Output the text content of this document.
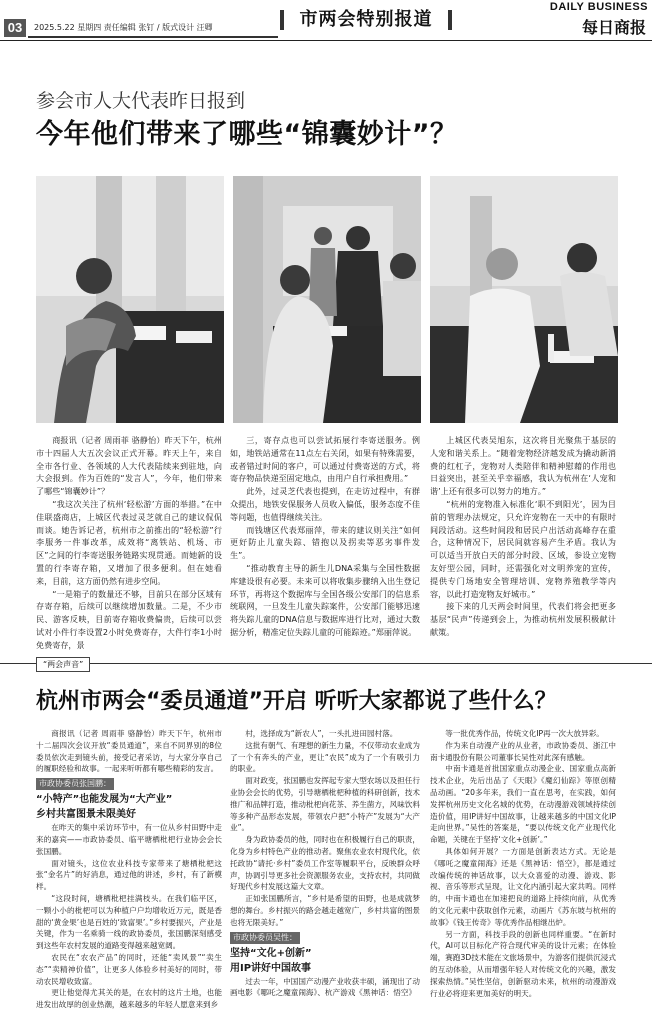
03	2025.5.22 星期四 责任编辑 张钉 / 版式设计 汪卿	市两会特别报道
DAILY BUSINESS
每日商报
参会市人大代表昨日报到
今年他们带来了哪些“锦囊妙计”？

商报讯（记者 周雨菲 骆静怡）昨天下午，杭州市十四届人大五次会议正式开幕。昨天上午，来自全市各行业、各领域的人大代表陆续来到驻地，向大会报到。作为百姓的“发言人”，今年，他们带来了哪些“锦囊妙计”？

“我这次关注了杭州‘轻松游’方面的举措。”在中佳联盛商店，上城区代表过灵芝就自己的建议侃侃而谈。她告诉记者，杭州市之前推出的“轻松游”行李服务一件事改革，成效将“离铁站、机场、市区”之间的行李寄送服务链路实现贯通。而她新的设置的行李寄存箱，又增加了很多便利。但在她看来，目前，这方面仍然有进步空间。

“一是箱子的数量还不够，目前只在部分区域有存寄存箱，后续可以继续增加数量。二是，不少市民、游客反映，目前寄存箱收费偏贵，后续可以尝试对小件行李设置2小时免费寄存，大件行李1小时免费寄存，景

三，寄存点也可以尝试拓展行李寄送服务。例如，地铁站通常在11点左右关闭，如果有特殊需要，或者错过时间的客户，可以通过付费寄送的方式，将寄存物品快递至固定地点，由用户自行承担费用。”

此外，过灵芝代表也提到，在走访过程中，有群众提出，地铁安保服务人员收入偏低，服务态度不佳等问题，也值得继续关注。

而钱塘区代表郑丽萍，带来的建议则关注“如何更好防止儿童失踪、错抱以及拐卖等恶劣事件发生”。

“推动教育主导的新生儿DNA采集与全国性数据库建设很有必要。未来可以将收集步骤纳入出生登记环节，再将这个数据库与全国各级公安部门的信息系统联网，一旦发生儿童失踪案件，公安部门能够迅速将失踪儿童的DNA信息与数据库进行比对，通过大数据分析，精准定位失踪儿童的可能踪迹。”郑丽萍说。

上城区代表吴旭东，这次将目光聚焦于基层的人宠和谐关系上。“随着宠物经济越发成为撬动新消费的红杠子，宠物对人类陪伴和精神慰藉的作用也日益突出，甚至关乎幸福感，我认为杭州在‘人宠和谐’上还有很多可以努力的地方。”

“杭州的宠物准入标准化‘职不到阳光’，因为目前的管理办法规定，只允许宠物在一天中的有限时间段活动。这些时间段和居民户出活动高峰存在重合，这种情况下，居民间就容易产生矛盾。我认为可以适当开放白天的部分时段、区域，参设立宠物友好型公园，同时，还需强化对文明养宠的宣传，提供专门场地安全管理培训、宠物养殖教学等内容，以此打造宠物友好城市。”

接下来的几天两会时间里，代表们将会把更多基层“民声”传递到会上，为推动杭州发展积极献计献策。

“两会声音”
杭州市两会“委员通道”开启 听听大家都说了些什么？

商报讯（记者 周雨菲 骆静怡）昨天下午，杭州市十二届四次会议开放“委员通道”，来自不同界别的8位委员依次走到镜头前，接受记者采访，与大家分享自己的履职经验和故事。一起来听听都有哪些精彩的发言。

市政协委员张国鹏：
“小特产”也能发展为“大产业”
乡村共富图景未限美好

在昨天的集中采访环节中，有一位从乡村田野中走来的嘉宾——市政协委员、临平塘栖枇杷行业协会会长张国鹏。

面对镜头，这位农业科技专家带来了塘栖枇杷这张“金名片”的好消息，通过他的讲述，乡村，有了新模样。

“这段时间，塘栖枇杷挂满枝头。在我们临平区，一颗小小的枇杷可以为种植户户均增收近万元，既是香甜的‘黄金果’也是百姓的‘致富果’。”乡村要振兴，产业是关键，作为一名乘骑一线的政协委员，张国鹏深刻感受到这些年农村发展的道路变得越来越宽阔。

农民在“农农产品”的同时，还能“卖风景”“卖生态”“卖精神价值”，让更多人体验乡村美好的同时，带动农民增收致富。

更让他觉得尤其关的是，在农村的这片土地，也能进发出故厚的创业热潮，越来越多的年轻人愿意来到乡

村，选择成为“新农人”，一头扎进田园村落。

这批有朝气、有理想的新生力量，不仅带动农业成为了一个有奔头的产业，更让“农民”成为了一个有吸引力的职业。

面对政变，张国鹏也发挥起专家大型农场以及担任行业协会会长的优势，引导塘栖枇杷种植的科研创新，技术推广和品牌打造，推动枇杷向花茶、养生菌方，风味饮料等多种产品形态发展，带领农户把“小特产”发展为“大产业”。

身为政协委员的他，同时也在积极履行自己的职责，化身为乡村特色产业的推动者。聚焦农业农村现代化，依托政协“请托·乡村”委员工作室等履职平台，反映群众呼声，协调引导更多社会资源服务农业，支持农村，共同做好现代乡村发展这篇大文章。

正如张国鹏所言，“乡村是希望的田野，也是成就梦想的舞台。乡村振兴的路会越走越宽广，乡村共富的图景也将无限美好。”

市政协委员吴性：
坚持“文化+创新”
用IP讲好中国故事

过去一年，中国国产动漫产业收获丰硕，涌现出了动画电影《哪吒之魔童闹海》、杭产游戏《黑神话：悟空》

等一批优秀作品，传统文化IP再一次大放异彩。

作为来自动漫产业的从业者，市政协委员、浙江中南卡通股份有限公司董事长吴性对此深有感触。

中南卡通是首批国家重点动漫企业、国家重点高新技术企业，先后出品了《天眼》《魔幻仙踪》等原创精品动画。“20多年来，我们一直在思考，在实践，如何发挥杭州历史文化名城的优势，在动漫游戏领域持续创造价值，用IP讲好中国故事，让越来越多的中国文化IP走向世界。”吴性的答案是，“要以传统文化产业现代化命题，关键在于坚持‘文化+创新’。”

具体如何开展？一方面是创新表达方式。无论是《哪吒之魔童闹海》还是《黑神话：悟空》，都是通过改编传统的神话故事，以大众喜爱的动漫、游戏、影视、音乐等形式呈现，让文化内涵引起大家共鸣。同样的，中南卡通也在加速把良的道路上持续向前，从优秀的文化元素中获取创作元素，动画片《苏东坡与杭州的故事》《钱王传奇》等优秀作品相继出炉。

另一方面，科技手段的创新也同样重要。“在新时代，AI可以目标化产符合现代审美的设计元素；在体验端，赛跑3D技术能在文旅场景中，为游客们提供沉浸式的互动体验，从而增强年轻人对传统文化的兴趣，激发探索热情。”吴性坚信，创新驱动未来，杭州的动漫游戏行业必将迎来更加美好的明天。
